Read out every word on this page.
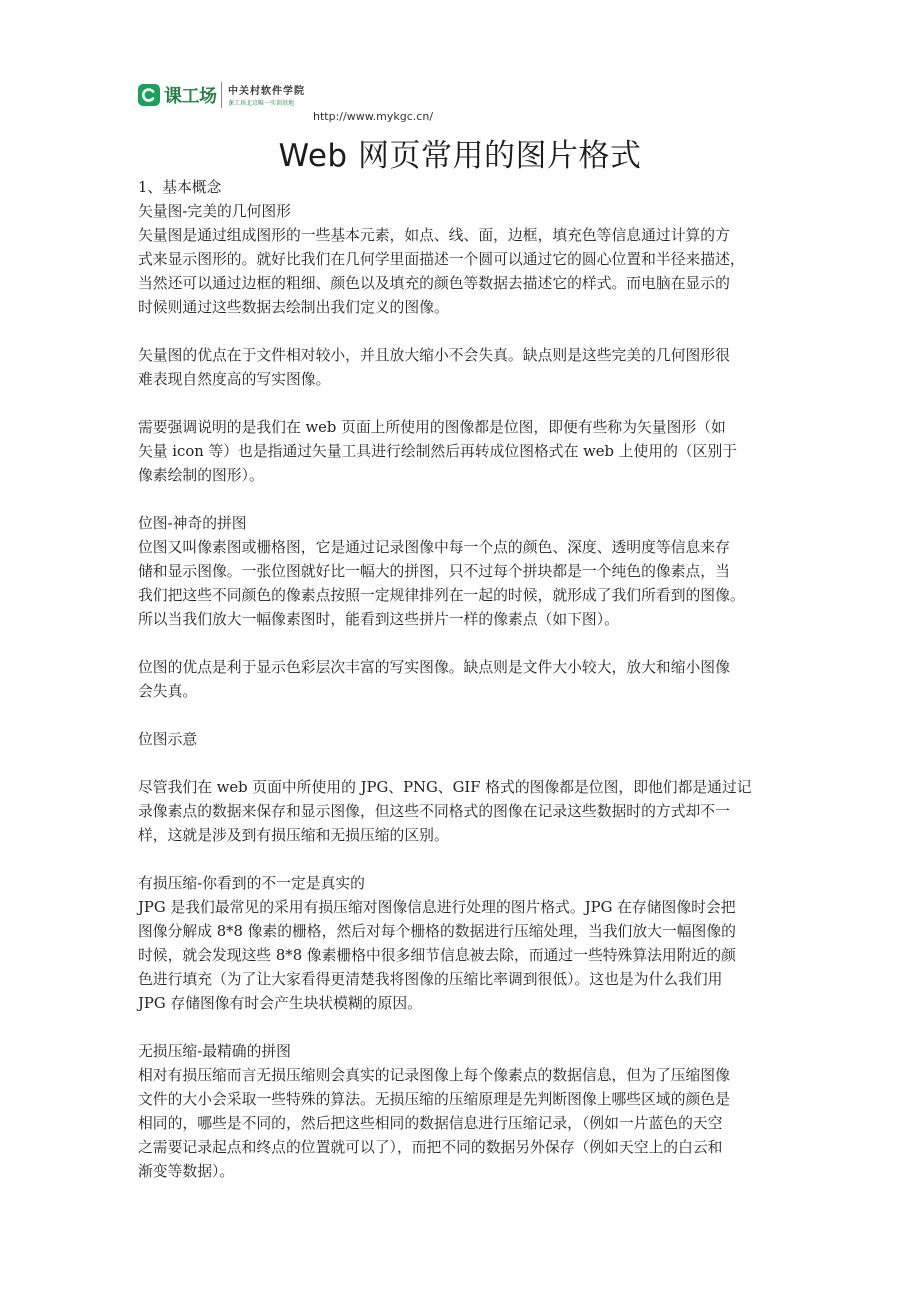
课工场 中关村软件学院
课工场北京唯一实训基地
http://www.mykgc.cn/
Web 网页常用的图片格式
1、基本概念
矢量图-完美的几何图形
矢量图是通过组成图形的一些基本元素，如点、线、面，边框，填充色等信息通过计算的方
式来显示图形的。就好比我们在几何学里面描述一个圆可以通过它的圆心位置和半径来描述，
当然还可以通过边框的粗细、颜色以及填充的颜色等数据去描述它的样式。而电脑在显示的
时候则通过这些数据去绘制出我们定义的图像。
矢量图的优点在于文件相对较小，并且放大缩小不会失真。缺点则是这些完美的几何图形很
难表现自然度高的写实图像。
需要强调说明的是我们在 web 页面上所使用的图像都是位图，即便有些称为矢量图形（如
矢量 icon 等）也是指通过矢量工具进行绘制然后再转成位图格式在 web 上使用的（区别于
像素绘制的图形）。
位图-神奇的拼图
位图又叫像素图或栅格图，它是通过记录图像中每一个点的颜色、深度、透明度等信息来存
储和显示图像。一张位图就好比一幅大的拼图，只不过每个拼块都是一个纯色的像素点，当
我们把这些不同颜色的像素点按照一定规律排列在一起的时候，就形成了我们所看到的图像。
所以当我们放大一幅像素图时，能看到这些拼片一样的像素点（如下图）。
位图的优点是利于显示色彩层次丰富的写实图像。缺点则是文件大小较大，放大和缩小图像
会失真。
位图示意
尽管我们在 web 页面中所使用的 JPG、PNG、GIF 格式的图像都是位图，即他们都是通过记
录像素点的数据来保存和显示图像，但这些不同格式的图像在记录这些数据时的方式却不一
样，这就是涉及到有损压缩和无损压缩的区别。
有损压缩-你看到的不一定是真实的
JPG 是我们最常见的采用有损压缩对图像信息进行处理的图片格式。JPG 在存储图像时会把
图像分解成 8*8 像素的栅格，然后对每个栅格的数据进行压缩处理，当我们放大一幅图像的
时候，就会发现这些 8*8 像素栅格中很多细节信息被去除，而通过一些特殊算法用附近的颜
色进行填充（为了让大家看得更清楚我将图像的压缩比率调到很低）。这也是为什么我们用
JPG 存储图像有时会产生块状模糊的原因。
无损压缩-最精确的拼图
相对有损压缩而言无损压缩则会真实的记录图像上每个像素点的数据信息，但为了压缩图像
文件的大小会采取一些特殊的算法。无损压缩的压缩原理是先判断图像上哪些区域的颜色是
相同的，哪些是不同的，然后把这些相同的数据信息进行压缩记录，（例如一片蓝色的天空
之需要记录起点和终点的位置就可以了），而把不同的数据另外保存（例如天空上的白云和
渐变等数据）。
